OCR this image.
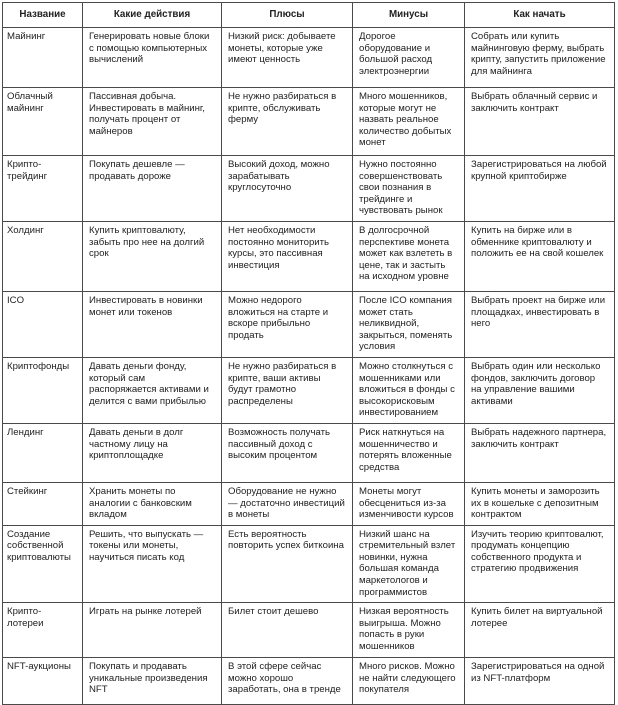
Название	Какие действия	Плюсы	Минусы	Как начать
Майнинг	Генерировать новые блоки с помощью компьютерных вычислений	Низкий риск: добываете монеты, которые уже имеют ценность	Дорогое оборудование и большой расход электроэнергии	Собрать или купить майнинговую ферму, выбрать крипту, запустить приложение для майнинга
Облачный майнинг	Пассивная добыча. Инвестировать в майнинг, получать процент от майнеров	Не нужно разбираться в крипте, обслуживать ферму	Много мошенников, которые могут не назвать реальное количество добытых монет	Выбрать облачный сервис и заключить контракт
Крипто-трейдинг	Покупать дешевле — продавать дороже	Высокий доход, можно зарабатывать круглосуточно	Нужно постоянно совершенствовать свои познания в трейдинге и чувствовать рынок	Зарегистрироваться на любой крупной криптобирже
Холдинг	Купить криптовалюту, забыть про нее на долгий срок	Нет необходимости постоянно мониторить курсы, это пассивная инвестиция	В долгосрочной перспективе монета может как взлететь в цене, так и застыть на исходном уровне	Купить на бирже или в обменнике криптовалюту и положить ее на свой кошелек
ICO	Инвестировать в новинки монет или токенов	Можно недорого вложиться на старте и вскоре прибыльно продать	После ICO компания может стать неликвидной, закрыться, поменять условия	Выбрать проект на бирже или площадках, инвестировать в него
Криптофонды	Давать деньги фонду, который сам распоряжается активами и делится с вами прибылью	Не нужно разбираться в крипте, ваши активы будут грамотно распределены	Можно столкнуться с мошенниками или вложиться в фонды с высокорисковым инвестированием	Выбрать один или несколько фондов, заключить договор на управление вашими активами
Лендинг	Давать деньги в долг частному лицу на криптоплощадке	Возможность получать пассивный доход с высоким процентом	Риск наткнуться на мошенничество и потерять вложенные средства	Выбрать надежного партнера, заключить контракт
Стейкинг	Хранить монеты по аналогии с банковским вкладом	Оборудование не нужно — достаточно инвестиций в монеты	Монеты могут обесцениться из-за изменчивости курсов	Купить монеты и заморозить их в кошельке с депозитным контрактом
Создание собственной криптовалюты	Решить, что выпускать — токены или монеты, научиться писать код	Есть вероятность повторить успех биткоина	Низкий шанс на стремительный взлет новинки, нужна большая команда маркетологов и программистов	Изучить теорию криптовалют, продумать концепцию собственного продукта и стратегию продвижения
Крипто-лотереи	Играть на рынке лотерей	Билет стоит дешево	Низкая вероятность выигрыша. Можно попасть в руки мошенников	Купить билет на виртуальной лотерее
NFT-аукционы	Покупать и продавать уникальные произведения NFT	В этой сфере сейчас можно хорошо заработать, она в тренде	Много рисков. Можно не найти следующего покупателя	Зарегистрироваться на одной из NFT-платформ
